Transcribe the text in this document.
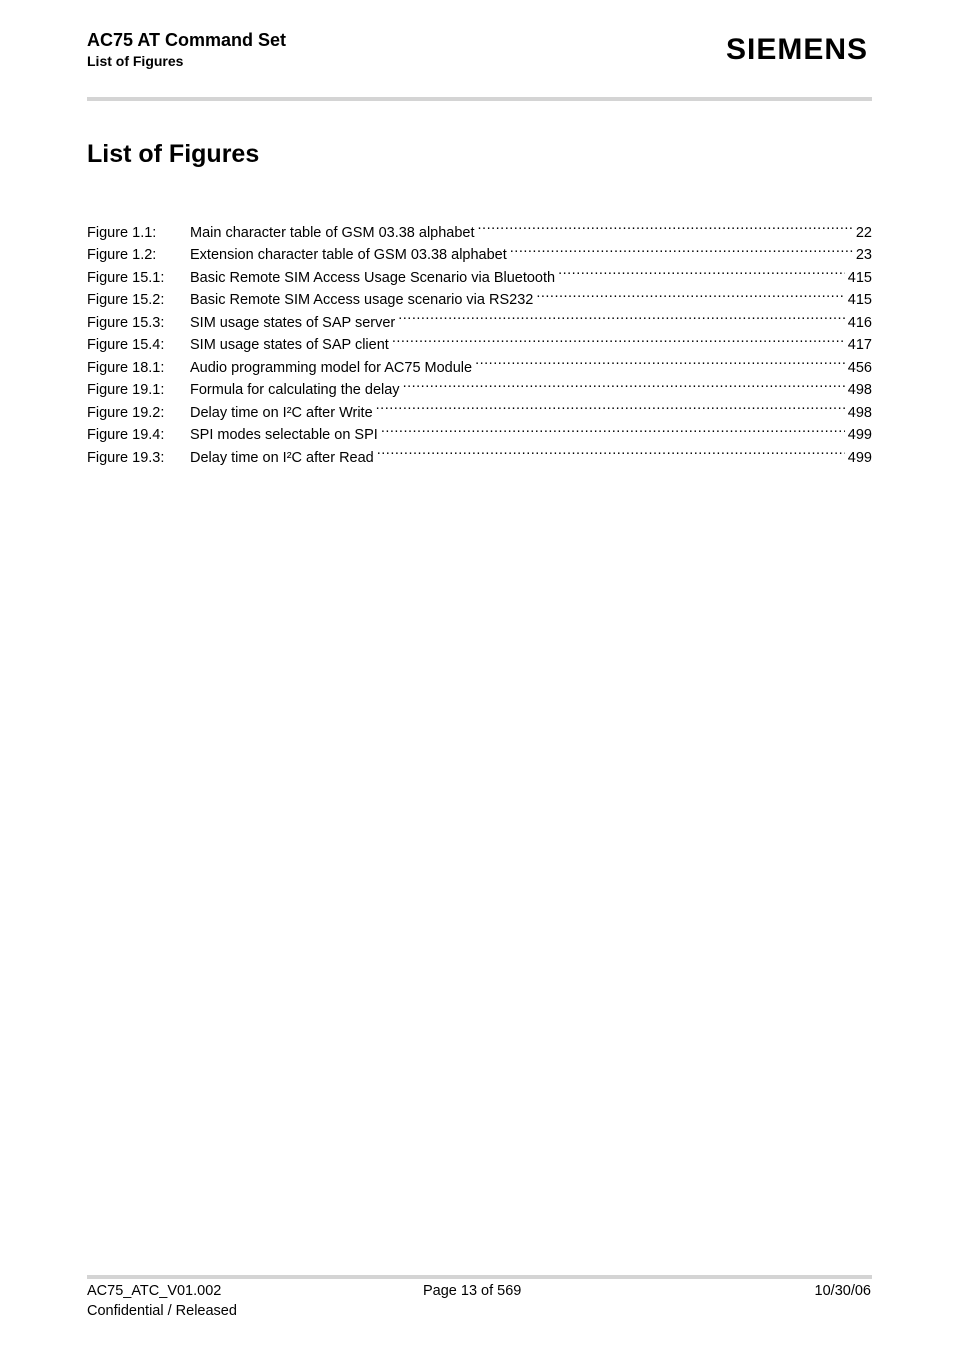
AC75 AT Command Set
List of Figures	SIEMENS
List of Figures
Figure 1.1:	Main character table of GSM 03.38 alphabet .....	22
Figure 1.2:	Extension character table of GSM 03.38 alphabet .....	23
Figure 15.1:	Basic Remote SIM Access Usage Scenario via Bluetooth .....	415
Figure 15.2:	Basic Remote SIM Access usage scenario via RS232 .....	415
Figure 15.3:	SIM usage states of SAP server .....	416
Figure 15.4:	SIM usage states of SAP client .....	417
Figure 18.1:	Audio programming model for AC75 Module .....	456
Figure 19.1:	Formula for calculating the delay .....	498
Figure 19.2:	Delay time on I²C after Write .....	498
Figure 19.4:	SPI modes selectable on SPI .....	499
Figure 19.3:	Delay time on I²C after Read .....	499
AC75_ATC_V01.002
Confidential / Released
Page 13 of 569	10/30/06
